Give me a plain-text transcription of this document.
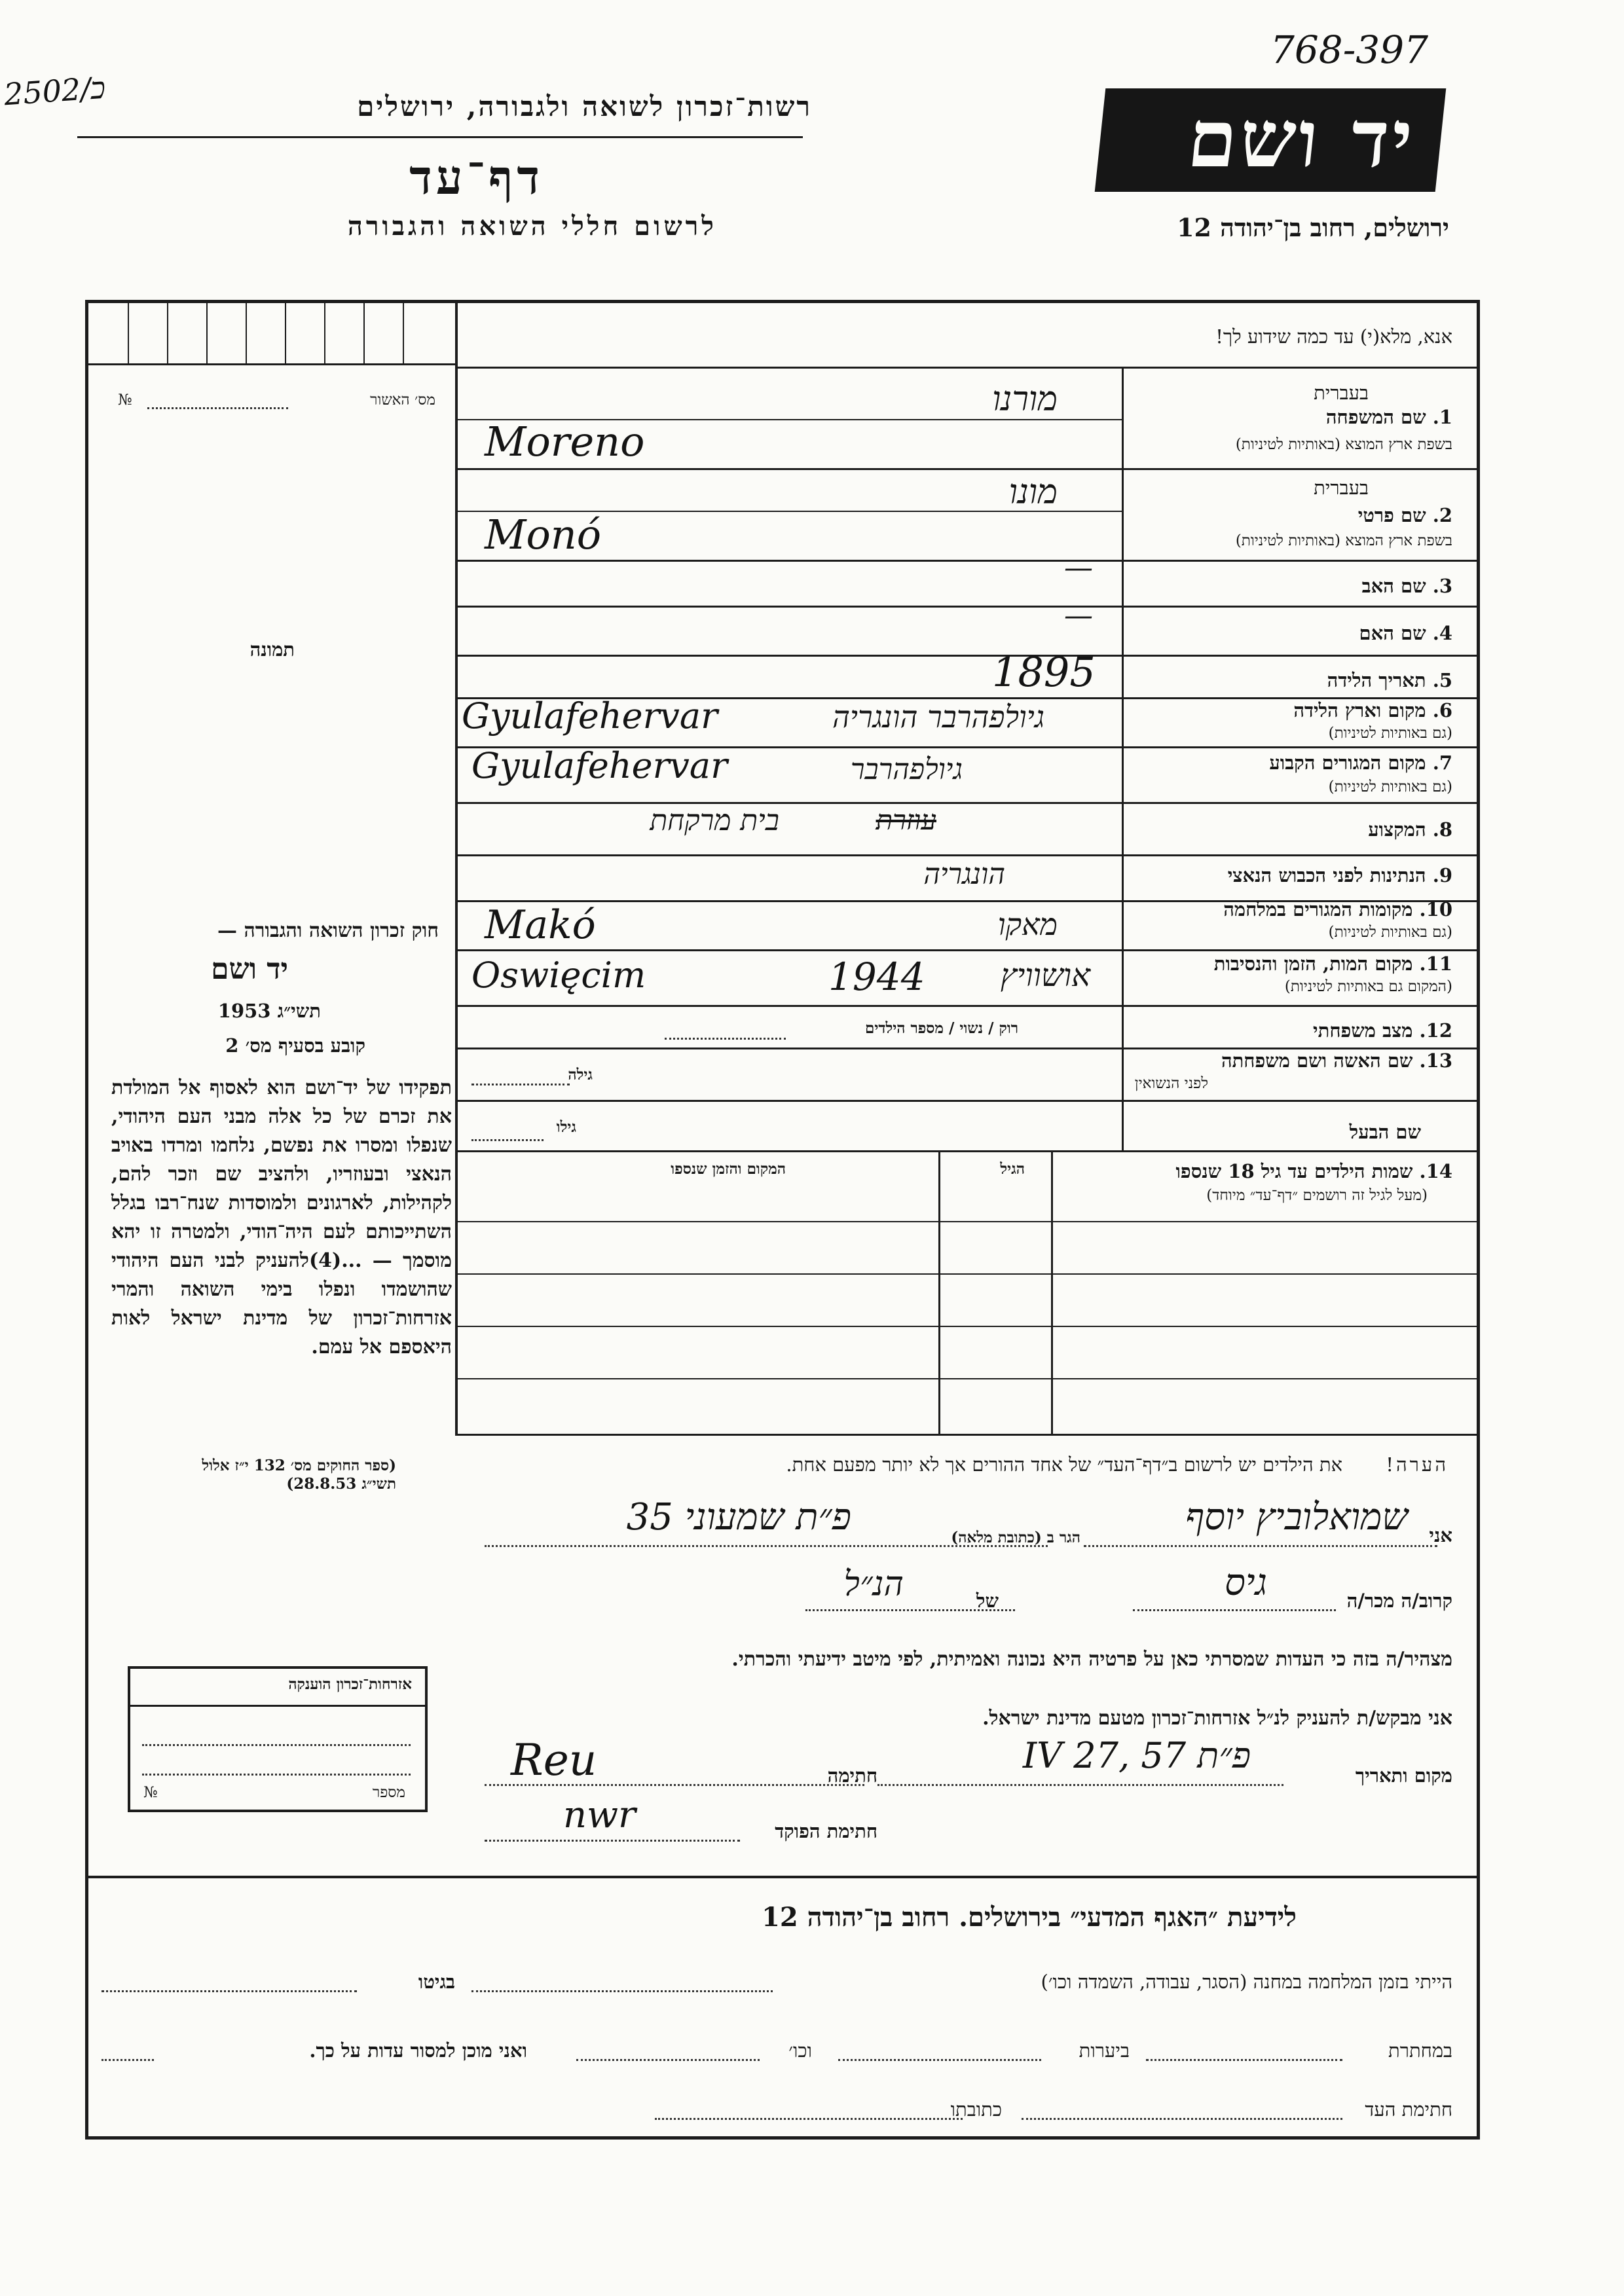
768-397
כ/2502
יד ושם
ירושלים, רחוב בן־יהודה 12
רשות־זכרון לשואה ולגבורה, ירושלים
דף־עד
לרשום חללי השואה והגבורה
מס׳ האשור
№
תמונה
אנא, מלא(י) עד כמה שידוע לך!
בעברית
1. שם המשפחה
בשפת ארץ המוצא (באותיות לטיניות)
מורנו
Moreno
בעברית
2. שם פרטי
בשפת ארץ המוצא (באותיות לטיניות)
מונו
Monó
3. שם האב
—
4. שם האם
—
5. תאריך הלידה
1895
6. מקום וארץ הלידה
(גם באותיות לטיניות)
Gyulafehervar	גיולפהרבר הונגריה
7. מקום המגורים הקבוע
(גם באותיות לטיניות)
Gyulafehervar	גיולפהרבר
8. המקצוע
עוזרת
בית מרקחת
9. הנתינות לפני הכבוש הנאצי
הונגריה
10. מקומות המגורים במלחמה
(גם באותיות לטיניות)
Makó	מאקו
11. מקום המות, הזמן והנסיבות
(המקום גם באותיות לטיניות)
Oswięcim	1944 אושוויץ
12. מצב משפחתי
רוק / נשוי / מספר הילדים
13. שם האשה ושם משפחתה
לפני הנשואין
גילה
שם הבעל
גילו
14. שמות הילדים עד גיל 18 שנספו
(מעל לגיל זה רושמים ״דף־עד״ מיוחד)
הגיל
המקום והזמן שנספו
חוק זכרון השואה והגבורה —
יד ושם
תשי״ג 1953
קובע בסעיף מס׳ 2
תפקידו של יד־ושם הוא לאסוף אל המולדת את זכרם של כל אלה מבני העם היהודי, שנפלו ומסרו את נפשם, נלחמו ומרדו באויב הנאצי ובעוזריו, ולהציב שם וזכר להם, לקהילות, לארגונים ולמוסדות שנח־רבו בגלל השתייכותם לעם היה־הודי, ולמטרה זו יהא מוסמך — ...(4)להעניק לבני העם היהודי שהושמדו ונפלו בימי השואה והמרי אזרחות־זכרון של מדינת ישראל לאות היאספם אל עמם.
(ספר החוקים מס׳ 132 י״ז אלול תשי״ג 28.8.53)
אזרחות־זכרון הוענקה
מספר
№
הערה!
את הילדים יש לרשום ב״דף־העד״ של אחד ההורים אך לא יותר מפעם אחת.
אני
שמואלוביץ יוסף
הגר ב (כתובת מלאה)
פ״ת שמעוני 35
קרוב/ה מכר/ה
גיס
של
הנ״ל
מצהיר/ה בזה כי העדות שמסרתי כאן על פרטיה היא נכונה ואמיתית, לפי מיטב ידיעתי והכרתי.
אני מבקש/ת להעניק לנ״ל אזרחות־זכרון מטעם מדינת ישראל.
מקום ותאריך
פ״ת 57 ,IV 27
חתימה
Reu
חתימת הפוקד
nwr
לידיעת ״האגף המדעי״ בירושלים. רחוב בן־יהודה 12
הייתי בזמן המלחמה במחנה (הסגר, עבודה, השמדה וכו׳)
בגיטו
במחתרת
ביערות
וכו׳
ואני מוכן למסור עדות על כך.
חתימת העד
כתובתו
